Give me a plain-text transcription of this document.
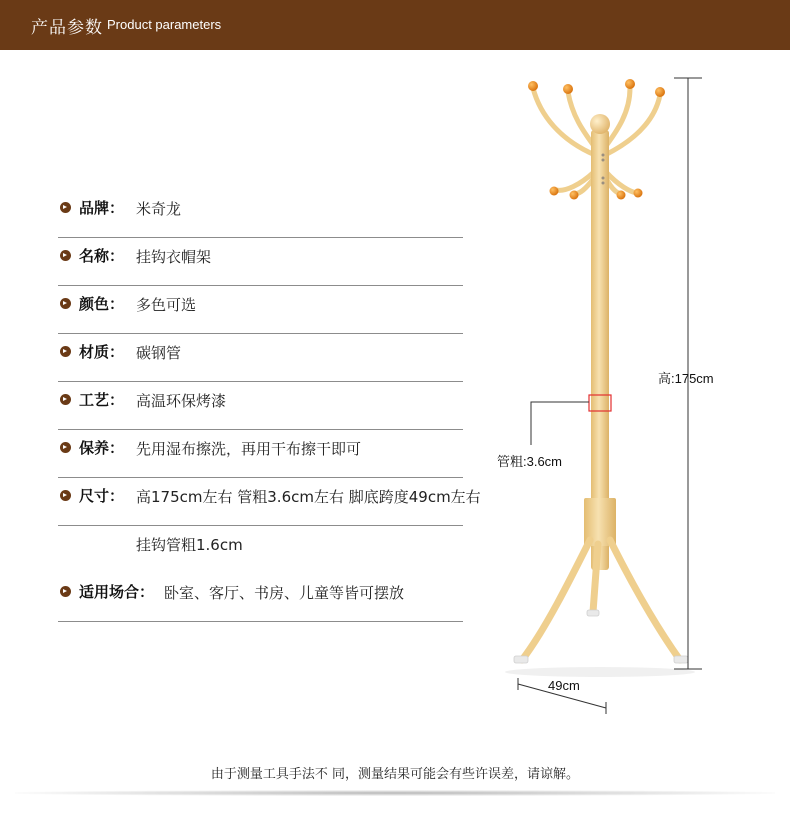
产品参数 Product parameters
品牌： 米奇龙
名称： 挂钩衣帽架
颜色： 多色可选
材质： 碳钢管
工艺： 高温环保烤漆
保养： 先用湿布擦洗，再用干布擦干即可
尺寸： 高175cm左右 管粗3.6cm左右 脚底跨度49cm左右
挂钩管粗1.6cm
适用场合： 卧室、客厅、书房、儿童等皆可摆放
高:175cm
管粗:3.6cm
49cm
由于测量工具手法不 同，测量结果可能会有些许误差，请谅解。
